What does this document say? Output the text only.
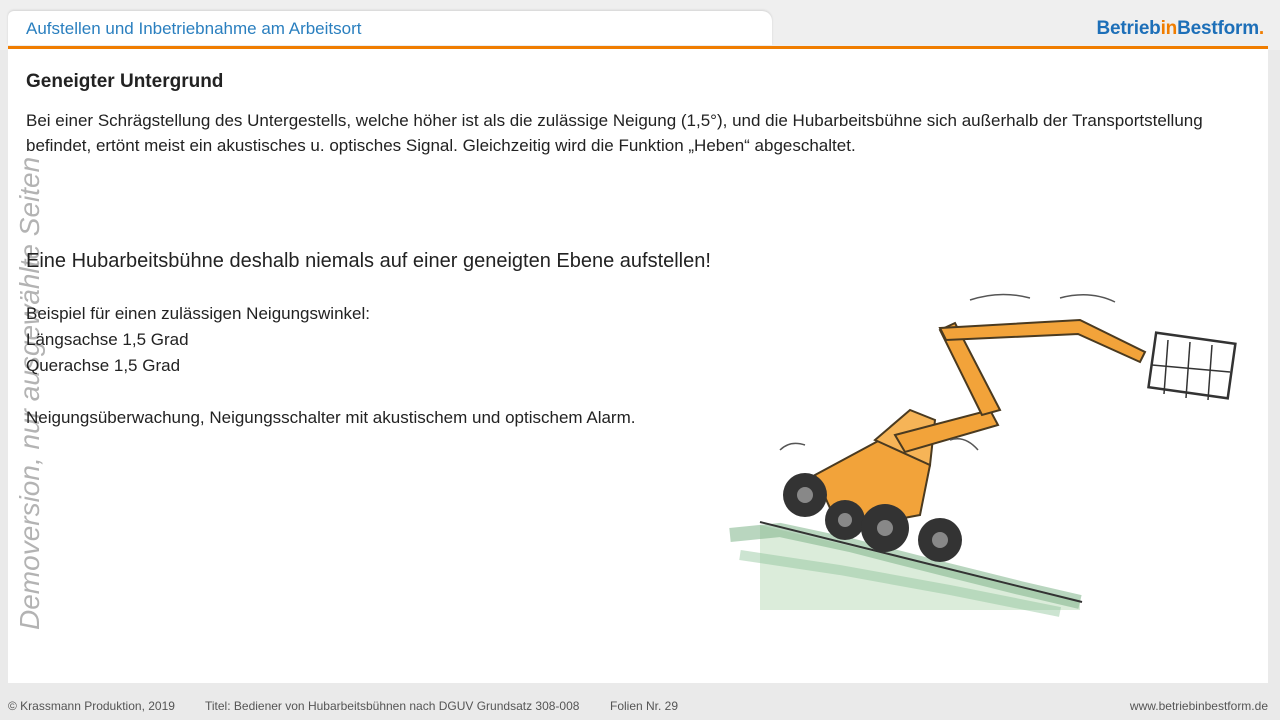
Aufstellen und Inbetriebnahme am Arbeitsort	BetriebinBestform.
Demoversion, nur ausgewählte Seiten
Geneigter Untergrund
Bei einer Schrägstellung des Untergestells, welche höher ist als die zulässige Neigung (1,5°), und die Hubarbeitsbühne sich außerhalb der Transportstellung befindet, ertönt meist ein akustisches u. optisches Signal. Gleichzeitig wird die Funktion „Heben“ abgeschaltet.
Eine Hubarbeitsbühne deshalb niemals auf einer geneigten Ebene aufstellen!
Beispiel für einen zulässigen Neigungswinkel:
Längsachse 1,5 Grad
Querachse 1,5 Grad
Neigungsüberwachung, Neigungsschalter mit akustischem und optischem Alarm.
© Krassmann Produktion, 2019	Titel: Bediener von Hubarbeitsbühnen nach DGUV Grundsatz 308-008	Folien Nr. 29	www.betriebinbestform.de
